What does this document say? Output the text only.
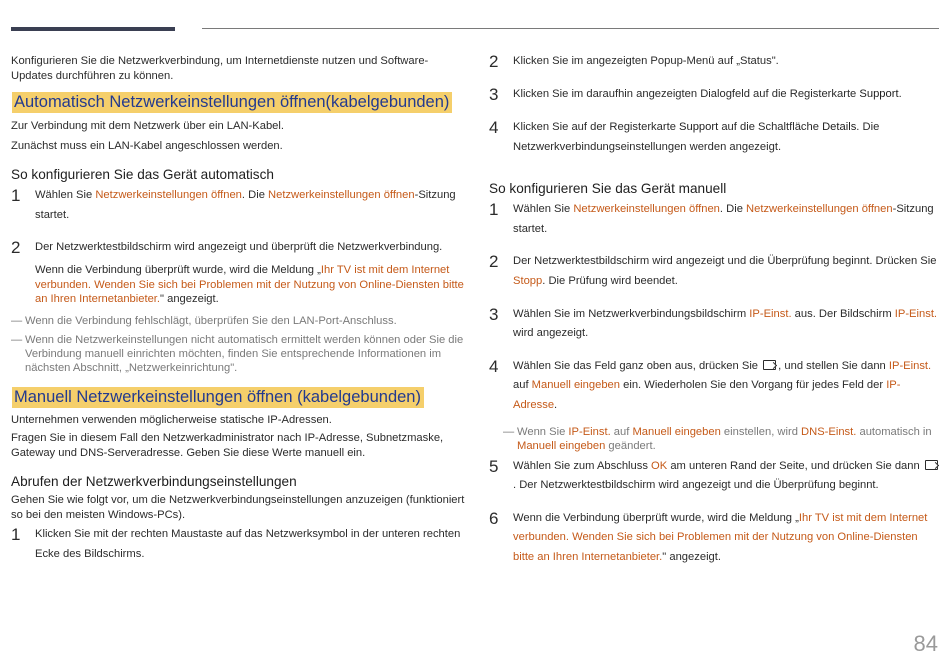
Konfigurieren Sie die Netzwerkverbindung, um Internetdienste nutzen und Software-Updates durchführen zu können.

Automatisch Netzwerkeinstellungen öffnen(kabelgebunden)

Zur Verbindung mit dem Netzwerk über ein LAN-Kabel.

Zunächst muss ein LAN-Kabel angeschlossen werden.

So konfigurieren Sie das Gerät automatisch

1	Wählen Sie Netzwerkeinstellungen öffnen. Die Netzwerkeinstellungen öffnen-Sitzung startet.

2	Der Netzwerktestbildschirm wird angezeigt und überprüft die Netzwerkverbindung.

Wenn die Verbindung überprüft wurde, wird die Meldung „Ihr TV ist mit dem Internet verbunden. Wenden Sie sich bei Problemen mit der Nutzung von Online-Diensten bitte an Ihren Internetanbieter." angezeigt.

― Wenn die Verbindung fehlschlägt, überprüfen Sie den LAN-Port-Anschluss.

― Wenn die Netzwerkeinstellungen nicht automatisch ermittelt werden können oder Sie die Verbindung manuell einrichten möchten, finden Sie entsprechende Informationen im nächsten Abschnitt, „Netzwerkeinrichtung".

Manuell Netzwerkeinstellungen öffnen (kabelgebunden)

Unternehmen verwenden möglicherweise statische IP-Adressen.

Fragen Sie in diesem Fall den Netzwerkadministrator nach IP-Adresse, Subnetzmaske, Gateway und DNS-Serveradresse. Geben Sie diese Werte manuell ein.

Abrufen der Netzwerkverbindungseinstellungen

Gehen Sie wie folgt vor, um die Netzwerkverbindungseinstellungen anzuzeigen (funktioniert so bei den meisten Windows-PCs).

1	Klicken Sie mit der rechten Maustaste auf das Netzwerksymbol in der unteren rechten Ecke des Bildschirms.

2	Klicken Sie im angezeigten Popup-Menü auf „Status".

3	Klicken Sie im daraufhin angezeigten Dialogfeld auf die Registerkarte Support.

4	Klicken Sie auf der Registerkarte Support auf die Schaltfläche Details. Die Netzwerkverbindungseinstellungen werden angezeigt.

So konfigurieren Sie das Gerät manuell

1	Wählen Sie Netzwerkeinstellungen öffnen. Die Netzwerkeinstellungen öffnen-Sitzung startet.

2	Der Netzwerktestbildschirm wird angezeigt und die Überprüfung beginnt. Drücken Sie Stopp. Die Prüfung wird beendet.

3	Wählen Sie im Netzwerkverbindungsbildschirm IP-Einst. aus. Der Bildschirm IP-Einst. wird angezeigt.

4	Wählen Sie das Feld ganz oben aus, drücken Sie , und stellen Sie dann IP-Einst. auf Manuell eingeben ein. Wiederholen Sie den Vorgang für jedes Feld der IP-Adresse.

― Wenn Sie IP-Einst. auf Manuell eingeben einstellen, wird DNS-Einst. automatisch in Manuell eingeben geändert.

5	Wählen Sie zum Abschluss OK am unteren Rand der Seite, und drücken Sie dann . Der Netzwerktestbildschirm wird angezeigt und die Überprüfung beginnt.

6	Wenn die Verbindung überprüft wurde, wird die Meldung „Ihr TV ist mit dem Internet verbunden. Wenden Sie sich bei Problemen mit der Nutzung von Online-Diensten bitte an Ihren Internetanbieter." angezeigt.

84
